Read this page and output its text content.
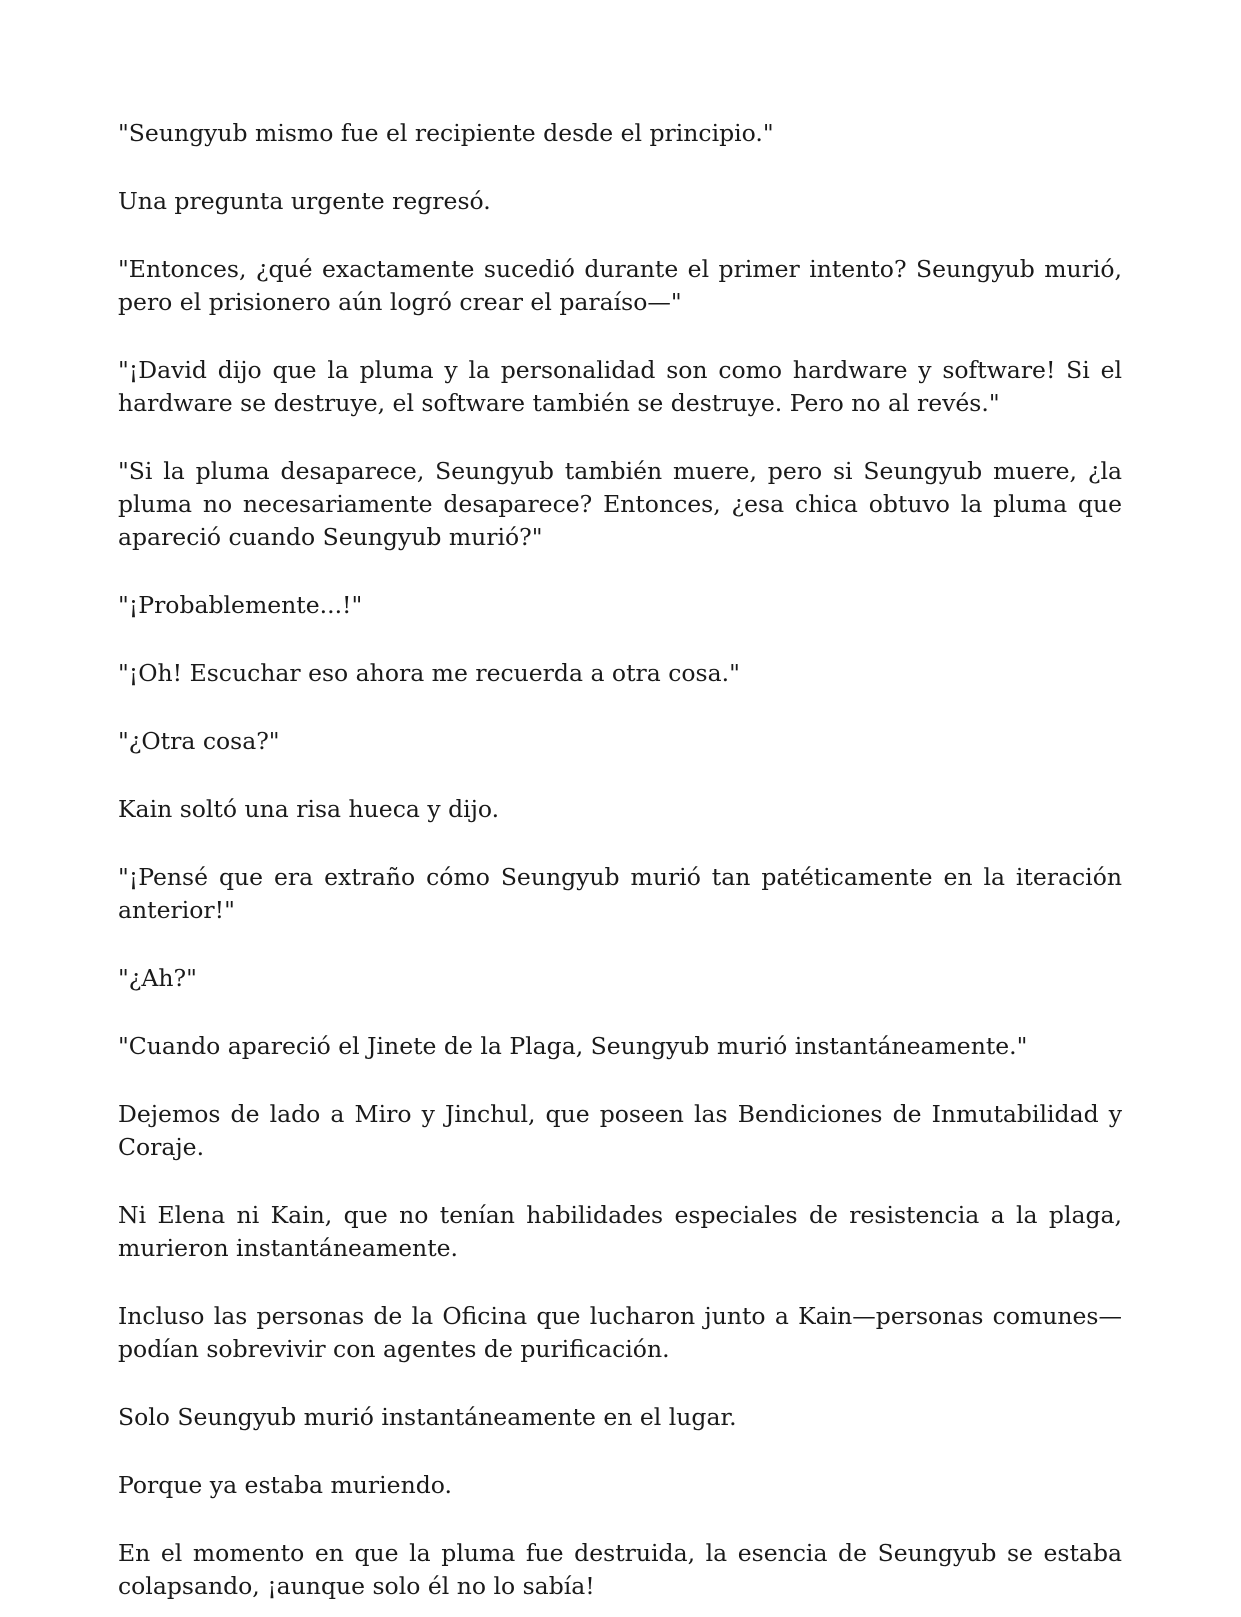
"Seungyub mismo fue el recipiente desde el principio."

Una pregunta urgente regresó.

"Entonces, ¿qué exactamente sucedió durante el primer intento? Seungyub murió, pero el prisionero aún logró crear el paraíso—"

"¡David dijo que la pluma y la personalidad son como hardware y software! Si el hardware se destruye, el software también se destruye. Pero no al revés."

"Si la pluma desaparece, Seungyub también muere, pero si Seungyub muere, ¿la pluma no necesariamente desaparece? Entonces, ¿esa chica obtuvo la pluma que apareció cuando Seungyub murió?"

"¡Probablemente...!"

"¡Oh! Escuchar eso ahora me recuerda a otra cosa."

"¿Otra cosa?"

Kain soltó una risa hueca y dijo.

"¡Pensé que era extraño cómo Seungyub murió tan patéticamente en la iteración anterior!"

"¿Ah?"

"Cuando apareció el Jinete de la Plaga, Seungyub murió instantáneamente."

Dejemos de lado a Miro y Jinchul, que poseen las Bendiciones de Inmutabilidad y Coraje.

Ni Elena ni Kain, que no tenían habilidades especiales de resistencia a la plaga, murieron instantáneamente.

Incluso las personas de la Oficina que lucharon junto a Kain—personas comunes—podían sobrevivir con agentes de purificación.

Solo Seungyub murió instantáneamente en el lugar.

Porque ya estaba muriendo.

En el momento en que la pluma fue destruida, la esencia de Seungyub se estaba colapsando, ¡aunque solo él no lo sabía!
